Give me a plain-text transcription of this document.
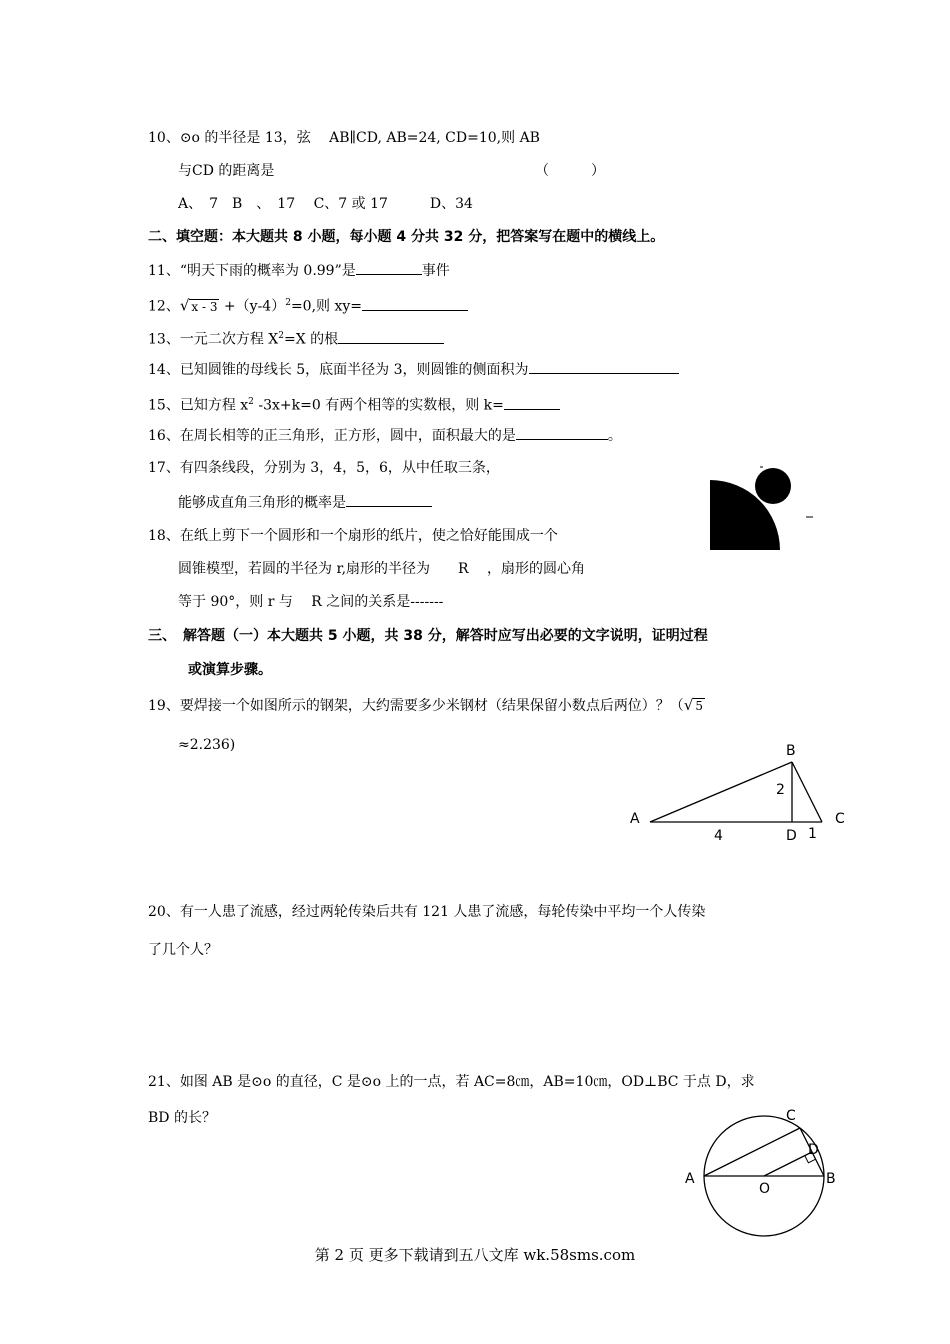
10、⊙o 的半径是 13，弦　 AB∥CD, AB=24, CD=10,则 AB
与CD 的距离是	（　　　）
A、　7　B　、　17　 C、7 或 17　　　D、34
二、填空题：本大题共 8 小题，每小题 4 分共 32 分，把答案写在题中的横线上。
11、“明天下雨的概率为 0.99”是	事件
12、√ $x - 3 +(y-4)^2=0$,则 xy=
13、一元二次方程 $X^2=X$ 的根
14、已知圆锥的母线长 5，底面半径为 3，则圆锥的侧面积为
15、已知方程 $x^2$ -3x+k=0 有两个相等的实数根，则 k=
16、在周长相等的正三角形，正方形，圆中，面积最大的是	。
17、有四条线段，分别为 3，4，5，6，从中任取三条，
能够成直角三角形的概率是
18、在纸上剪下一个圆形和一个扇形的纸片，使之恰好能围成一个
圆锥模型，若圆的半径为 r,扇形的半径为　　R　 ，扇形的圆心角
等于 90°，则 r 与　 R 之间的关系是-------
三、　解答题（一）本大题共 5 小题，共 38 分，解答时应写出必要的文字说明，证明过程
或演算步骤。
19、要焊接一个如图所示的钢架，大约需要多少米钢材（结果保留小数点后两位）？（√ 5
≈2.236)
A
B
C
D
4
2
1
20、有一人患了流感，经过两轮传染后共有 121 人患了流感，每轮传染中平均一个人传染
了几个人？
21、如图 AB 是⊙o 的直径，C 是⊙o 上的一点，若 AC=8㎝，AB=10㎝，OD⊥BC 于点 D，求
BD 的长？
A	B
C
D
O
第 2 页 更多下载请到五八文库 wk.58sms.com
